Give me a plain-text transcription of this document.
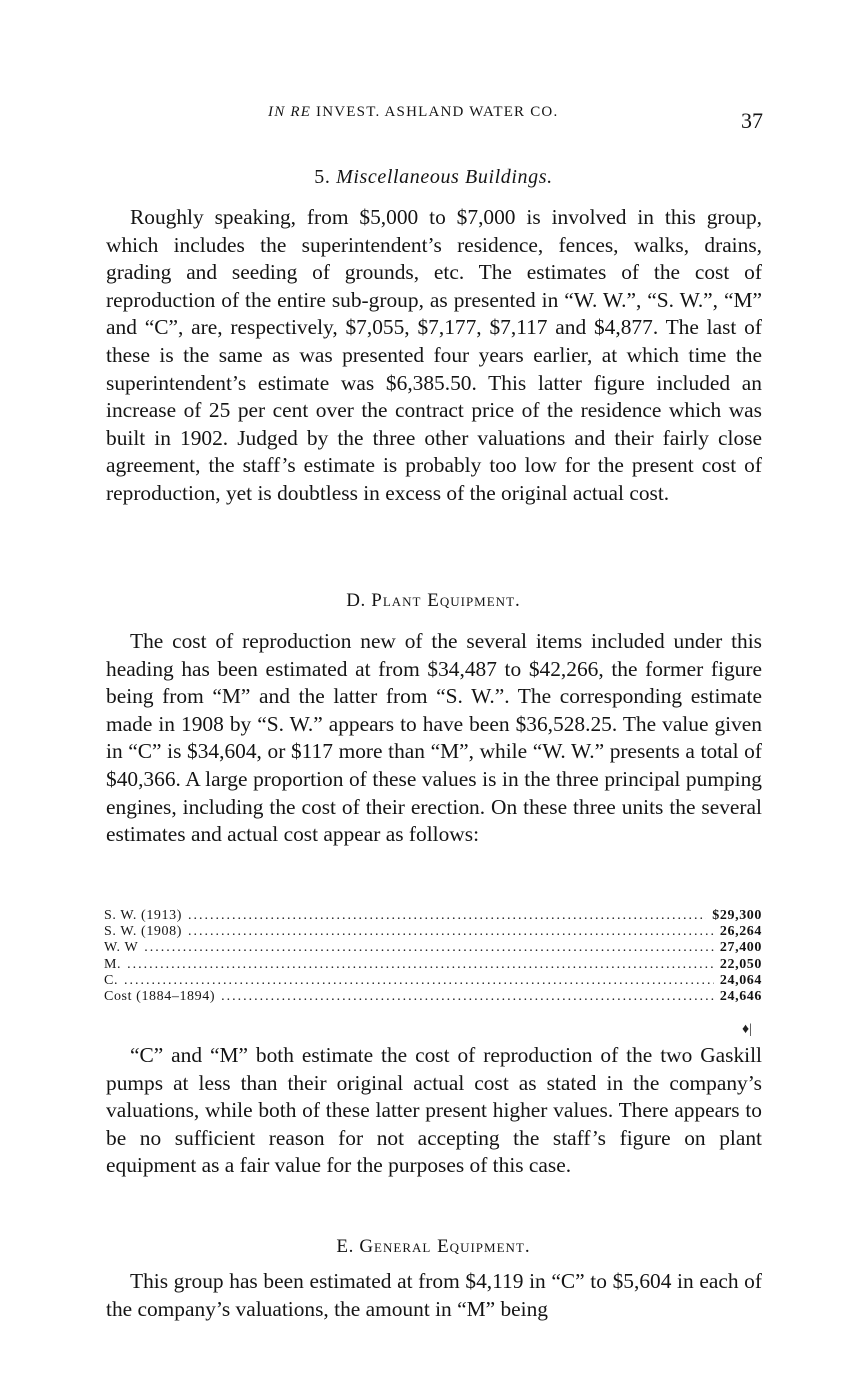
IN RE INVEST. ASHLAND WATER CO.	37
5. Miscellaneous Buildings.

Roughly speaking, from $5,000 to $7,000 is involved in this group, which includes the superintendent’s residence, fences, walks, drains, grading and seeding of grounds, etc. The estimates of the cost of reproduction of the entire sub-group, as presented in “W. W.”, “S. W.”, “M” and “C”, are, respectively, $7,055, $7,177, $7,117 and $4,877. The last of these is the same as was presented four years earlier, at which time the superintendent’s estimate was $6,385.50. This latter figure included an increase of 25 per cent over the contract price of the residence which was built in 1902. Judged by the three other valuations and their fairly close agreement, the staff’s estimate is probably too low for the present cost of reproduction, yet is doubtless in excess of the original actual cost.

D. Plant Equipment.

The cost of reproduction new of the several items included under this heading has been estimated at from $34,487 to $42,266, the former figure being from “M” and the latter from “S. W.”. The corresponding estimate made in 1908 by “S. W.” appears to have been $36,528.25. The value given in “C” is $34,604, or $117 more than “M”, while “W. W.” presents a total of $40,366. A large proportion of these values is in the three principal pumping engines, including the cost of their erection. On these three units the several estimates and actual cost appear as follows:

S. W. (1913) .....	$29,300
S. W. (1908) .....	26,264
W. W .....	27,400
M. .....	22,050
C. .....	24,064
Cost (1884–1894) .....	24,646

“C” and “M” both estimate the cost of reproduction of the two Gaskill pumps at less than their original actual cost as stated in the company’s valuations, while both of these latter present higher values. There appears to be no sufficient reason for not accepting the staff’s figure on plant equipment as a fair value for the purposes of this case.

E. General Equipment.

This group has been estimated at from $4,119 in “C” to $5,604 in each of the company’s valuations, the amount in “M” being

♦|
